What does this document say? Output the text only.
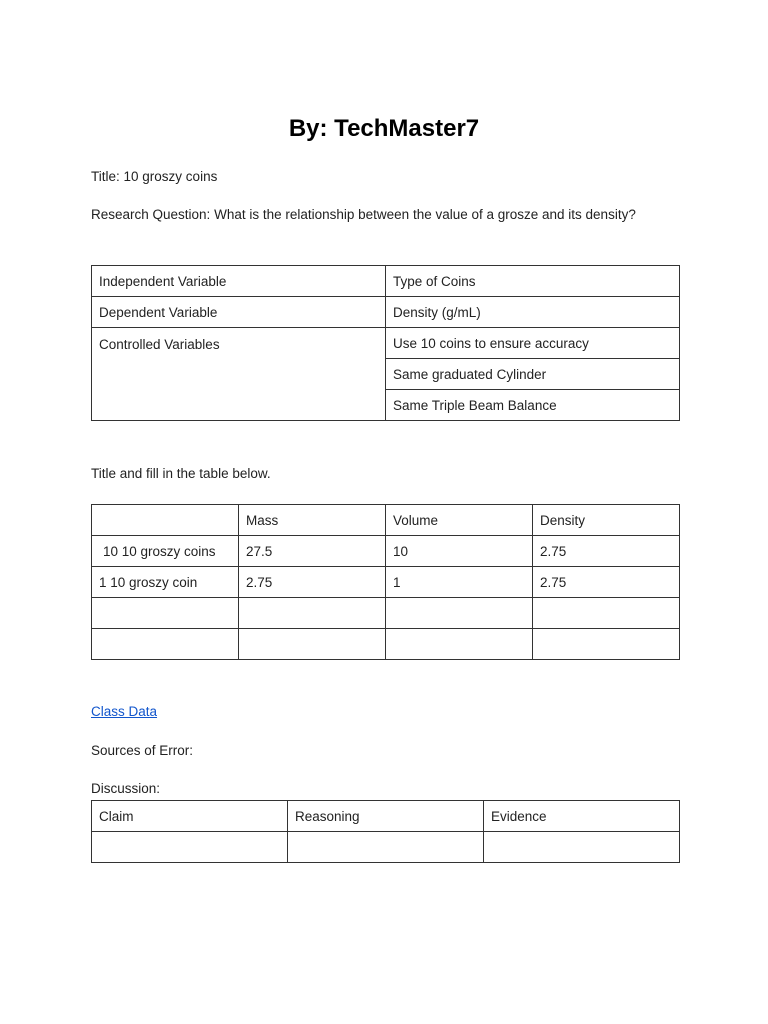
By: TechMaster7
Title: 10 groszy coins
Research Question: What is the relationship between the value of a grosze and its density?
Independent Variable	Type of Coins
Dependent Variable	Density (g/mL)
Controlled Variables	Use 10 coins to ensure accuracy
	Same graduated Cylinder
	Same Triple Beam Balance
Title and fill in the table below.
	Mass	Volume	Density
10 10 groszy coins	27.5	10	2.75
1 10 groszy coin	2.75	1	2.75

Class Data
Sources of Error:
Discussion:
Claim	Reasoning	Evidence
